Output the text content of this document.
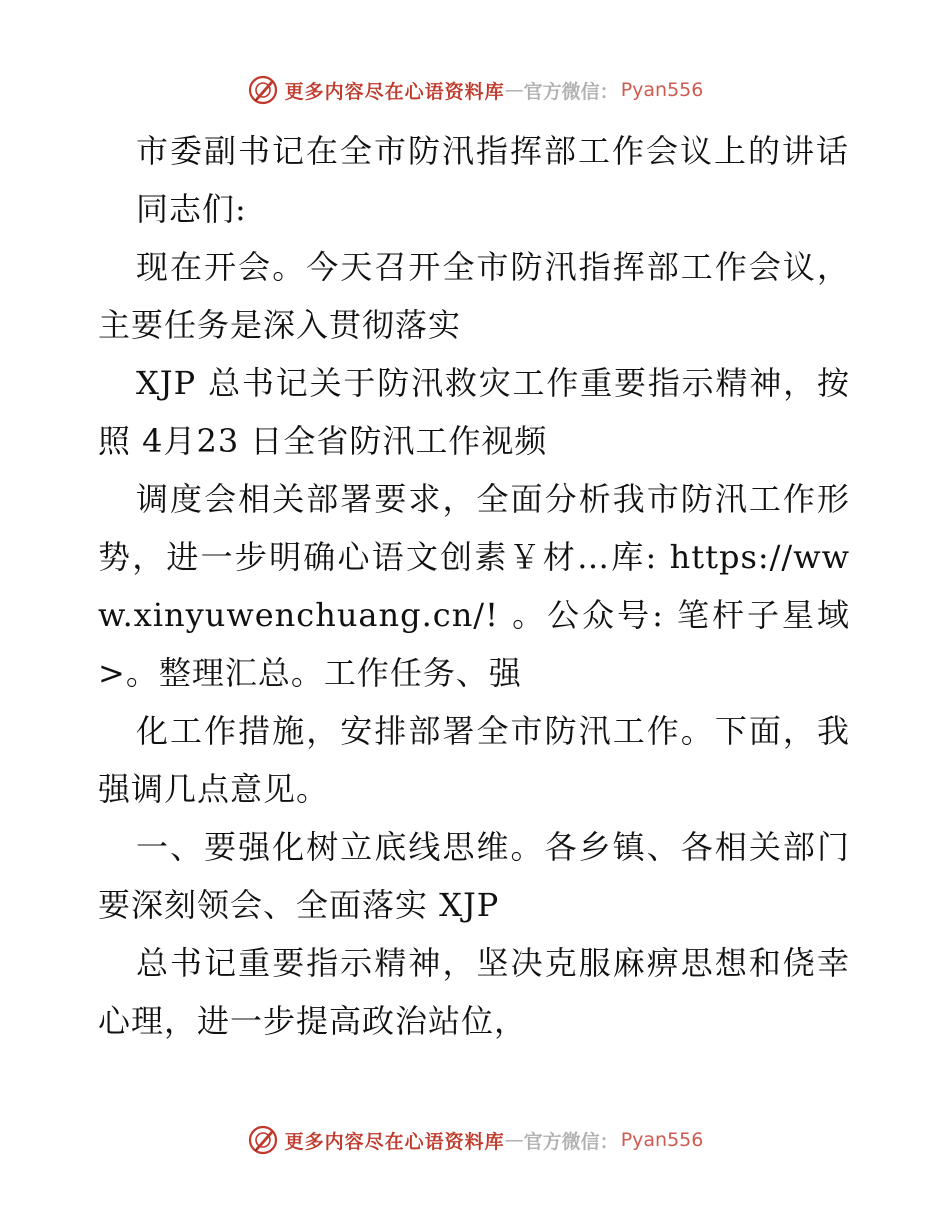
更多内容尽在心语资料库 — 官方微信： Pyan556

市委副书记在全市防汛指挥部工作会议上的讲话

同志们:

现在开会。今天召开全市防汛指挥部工作会议，主要任务是深入贯彻落实

XJP 总书记关于防汛救灾工作重要指示精神，按照 4月23 日全省防汛工作视频

调度会相关部署要求，全面分析我市防汛工作形势，进一步明确心语文创素￥材…库: https://www.xinyuwenchuang.cn/! 。公众号: 笔杆子星域>。整理汇总。工作任务、强

化工作措施，安排部署全市防汛工作。下面，我强调几点意见。

一、要强化树立底线思维。各乡镇、各相关部门要深刻领会、全面落实 XJP

总书记重要指示精神，坚决克服麻痹思想和侥幸心理，进一步提高政治站位，

更多内容尽在心语资料库 — 官方微信： Pyan556
